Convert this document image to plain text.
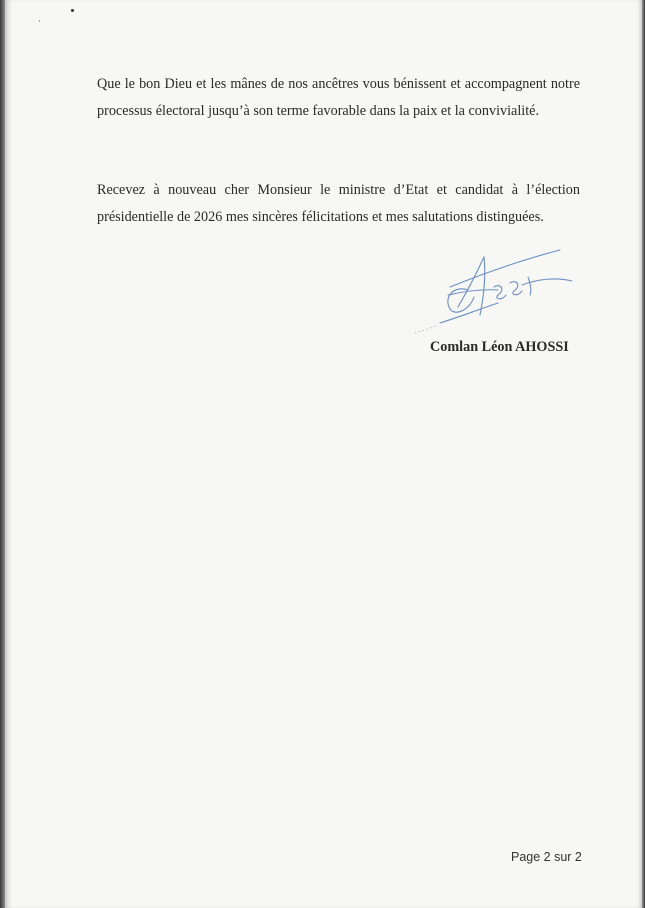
Que le bon Dieu et les mânes de nos ancêtres vous bénissent et accompagnent notre processus électoral jusqu’à son terme favorable dans la paix et la convivialité.

Recevez à nouveau cher Monsieur le ministre d’Etat et candidat à l’élection présidentielle de 2026 mes sincères félicitations et mes salutations distinguées.

Comlan Léon AHOSSI
Page 2 sur 2
